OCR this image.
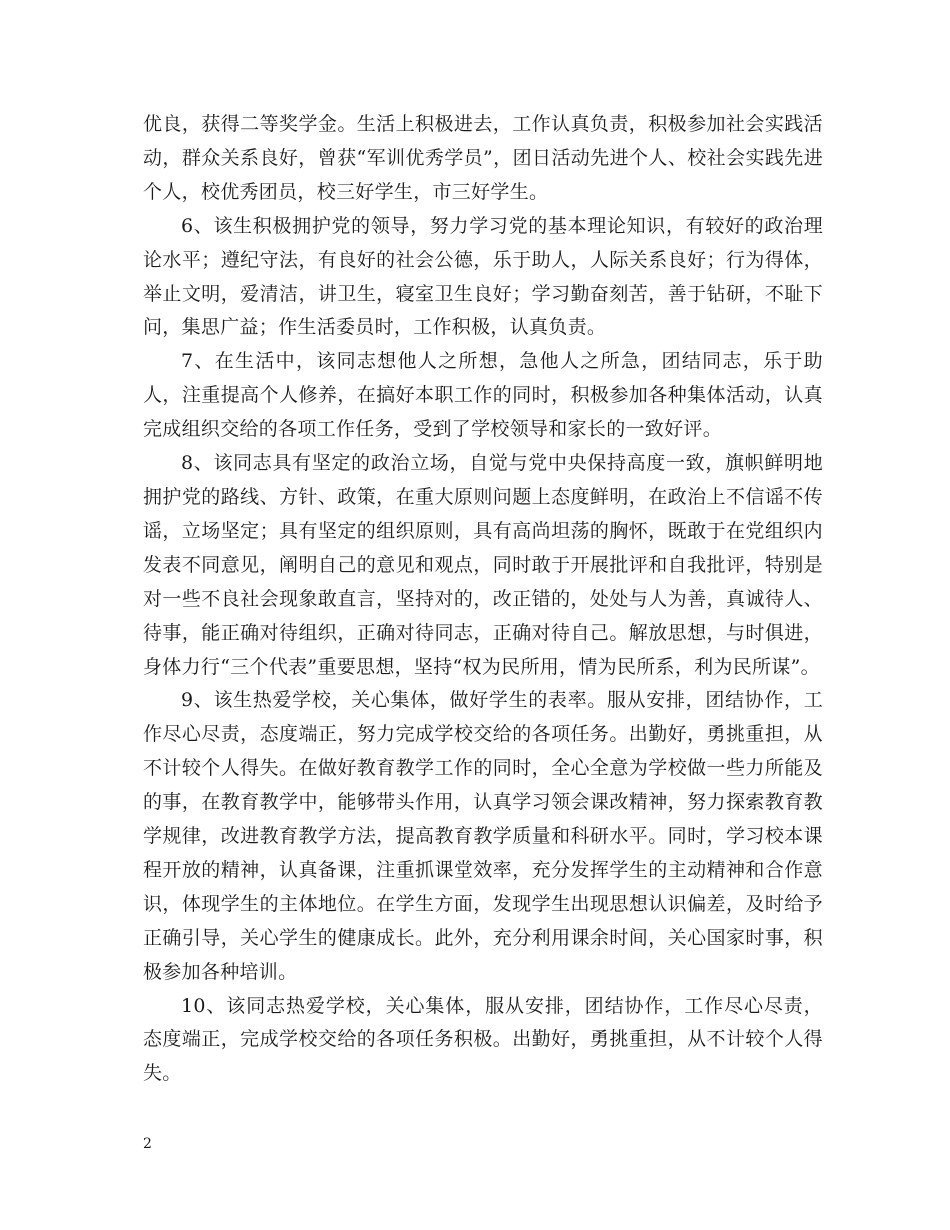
优良，获得二等奖学金。生活上积极进去，工作认真负责，积极参加社会实践活动，群众关系良好，曾获“军训优秀学员”，团日活动先进个人、校社会实践先进个人，校优秀团员，校三好学生，市三好学生。

6、该生积极拥护党的领导，努力学习党的基本理论知识，有较好的政治理论水平；遵纪守法，有良好的社会公德，乐于助人，人际关系良好；行为得体，举止文明，爱清洁，讲卫生，寝室卫生良好；学习勤奋刻苦，善于钻研，不耻下问，集思广益；作生活委员时，工作积极，认真负责。

7、在生活中，该同志想他人之所想，急他人之所急，团结同志，乐于助人，注重提高个人修养，在搞好本职工作的同时，积极参加各种集体活动，认真完成组织交给的各项工作任务，受到了学校领导和家长的一致好评。

8、该同志具有坚定的政治立场，自觉与党中央保持高度一致，旗帜鲜明地拥护党的路线、方针、政策，在重大原则问题上态度鲜明，在政治上不信谣不传谣，立场坚定；具有坚定的组织原则，具有高尚坦荡的胸怀，既敢于在党组织内发表不同意见，阐明自己的意见和观点，同时敢于开展批评和自我批评，特别是对一些不良社会现象敢直言，坚持对的，改正错的，处处与人为善，真诚待人、待事，能正确对待组织，正确对待同志，正确对待自己。解放思想，与时俱进，身体力行“三个代表”重要思想，坚持“权为民所用，情为民所系，利为民所谋”。

9、该生热爱学校，关心集体，做好学生的表率。服从安排，团结协作，工作尽心尽责，态度端正，努力完成学校交给的各项任务。出勤好，勇挑重担，从不计较个人得失。在做好教育教学工作的同时，全心全意为学校做一些力所能及的事，在教育教学中，能够带头作用，认真学习领会课改精神，努力探索教育教学规律，改进教育教学方法，提高教育教学质量和科研水平。同时，学习校本课程开放的精神，认真备课，注重抓课堂效率，充分发挥学生的主动精神和合作意识，体现学生的主体地位。在学生方面，发现学生出现思想认识偏差，及时给予正确引导，关心学生的健康成长。此外，充分利用课余时间，关心国家时事，积极参加各种培训。

10、该同志热爱学校，关心集体，服从安排，团结协作，工作尽心尽责，态度端正，完成学校交给的各项任务积极。出勤好，勇挑重担，从不计较个人得失。

2
